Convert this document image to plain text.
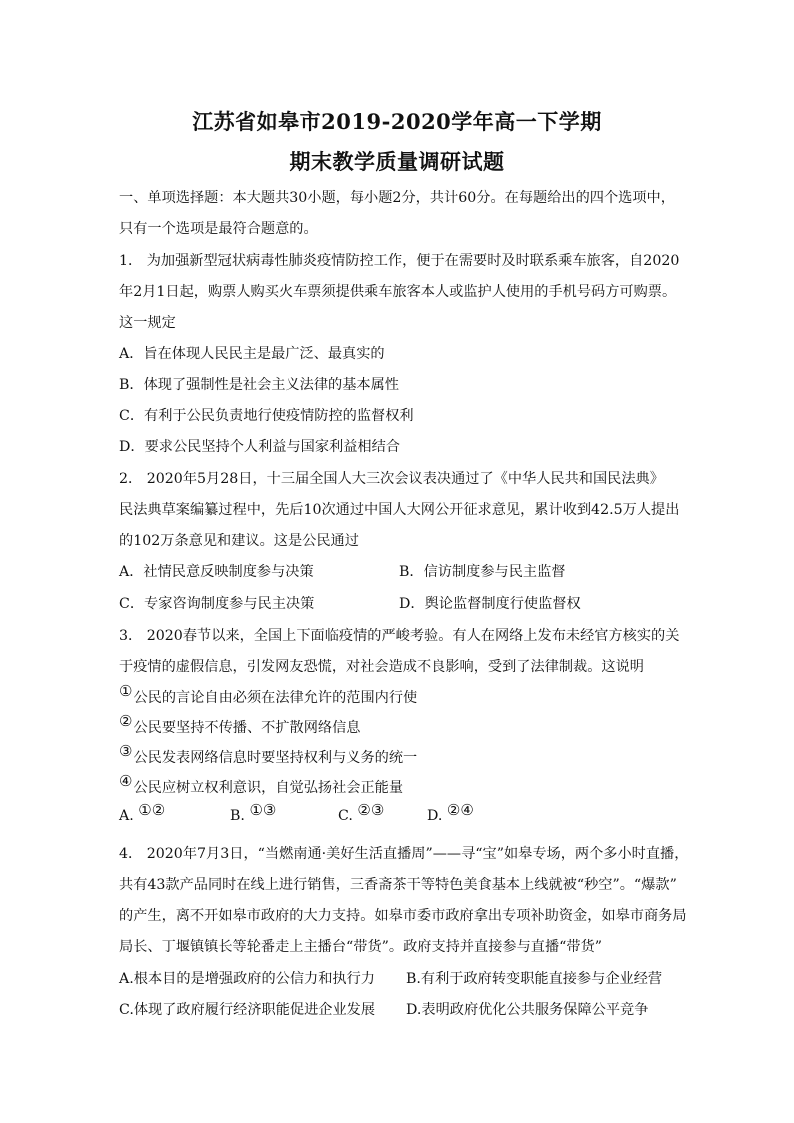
江苏省如皋市2019-2020学年高一下学期
期末教学质量调研试题
一、单项选择题：本大题共30小题，每小题2分，共计60分。在每题给出的四个选项中，
只有一个选项是最符合题意的。
1． 为加强新型冠状病毒性肺炎疫情防控工作，便于在需要时及时联系乘车旅客，自2020
年2月1日起，购票人购买火车票须提供乘车旅客本人或监护人使用的手机号码方可购票。
这一规定
A．旨在体现人民民主是最广泛、最真实的
B．体现了强制性是社会主义法律的基本属性
C．有利于公民负责地行使疫情防控的监督权利
D．要求公民坚持个人利益与国家利益相结合
2． 2020年5月28日，十三届全国人大三次会议表决通过了《中华人民共和国民法典》
民法典草案编纂过程中，先后10次通过中国人大网公开征求意见，累计收到42.5万人提出
的102万条意见和建议。这是公民通过
A．社情民意反映制度参与决策	B．信访制度参与民主监督
C．专家咨询制度参与民主决策	D．舆论监督制度行使监督权
3． 2020春节以来，全国上下面临疫情的严峻考验。有人在网络上发布未经官方核实的关
于疫情的虚假信息，引发网友恐慌，对社会造成不良影响，受到了法律制裁。这说明
①公民的言论自由必须在法律允许的范围内行使
②公民要坚持不传播、不扩散网络信息
③公民发表网络信息时要坚持权利与义务的统一
④公民应树立权利意识，自觉弘扬社会正能量
A. ①②	B. ①③	C. ②③	D. ②④
4． 2020年7月3日，“当燃南通·美好生活直播周”——寻“宝”如皋专场，两个多小时直播，
共有43款产品同时在线上进行销售，三香斋茶干等特色美食基本上线就被“秒空”。“爆款”
的产生，离不开如皋市政府的大力支持。如皋市委市政府拿出专项补助资金，如皋市商务局
局长、丁堰镇镇长等轮番走上主播台“带货”。政府支持并直接参与直播“带货”
A.根本目的是增强政府的公信力和执行力 B.有利于政府转变职能直接参与企业经营
C.体现了政府履行经济职能促进企业发展 D.表明政府优化公共服务保障公平竞争
